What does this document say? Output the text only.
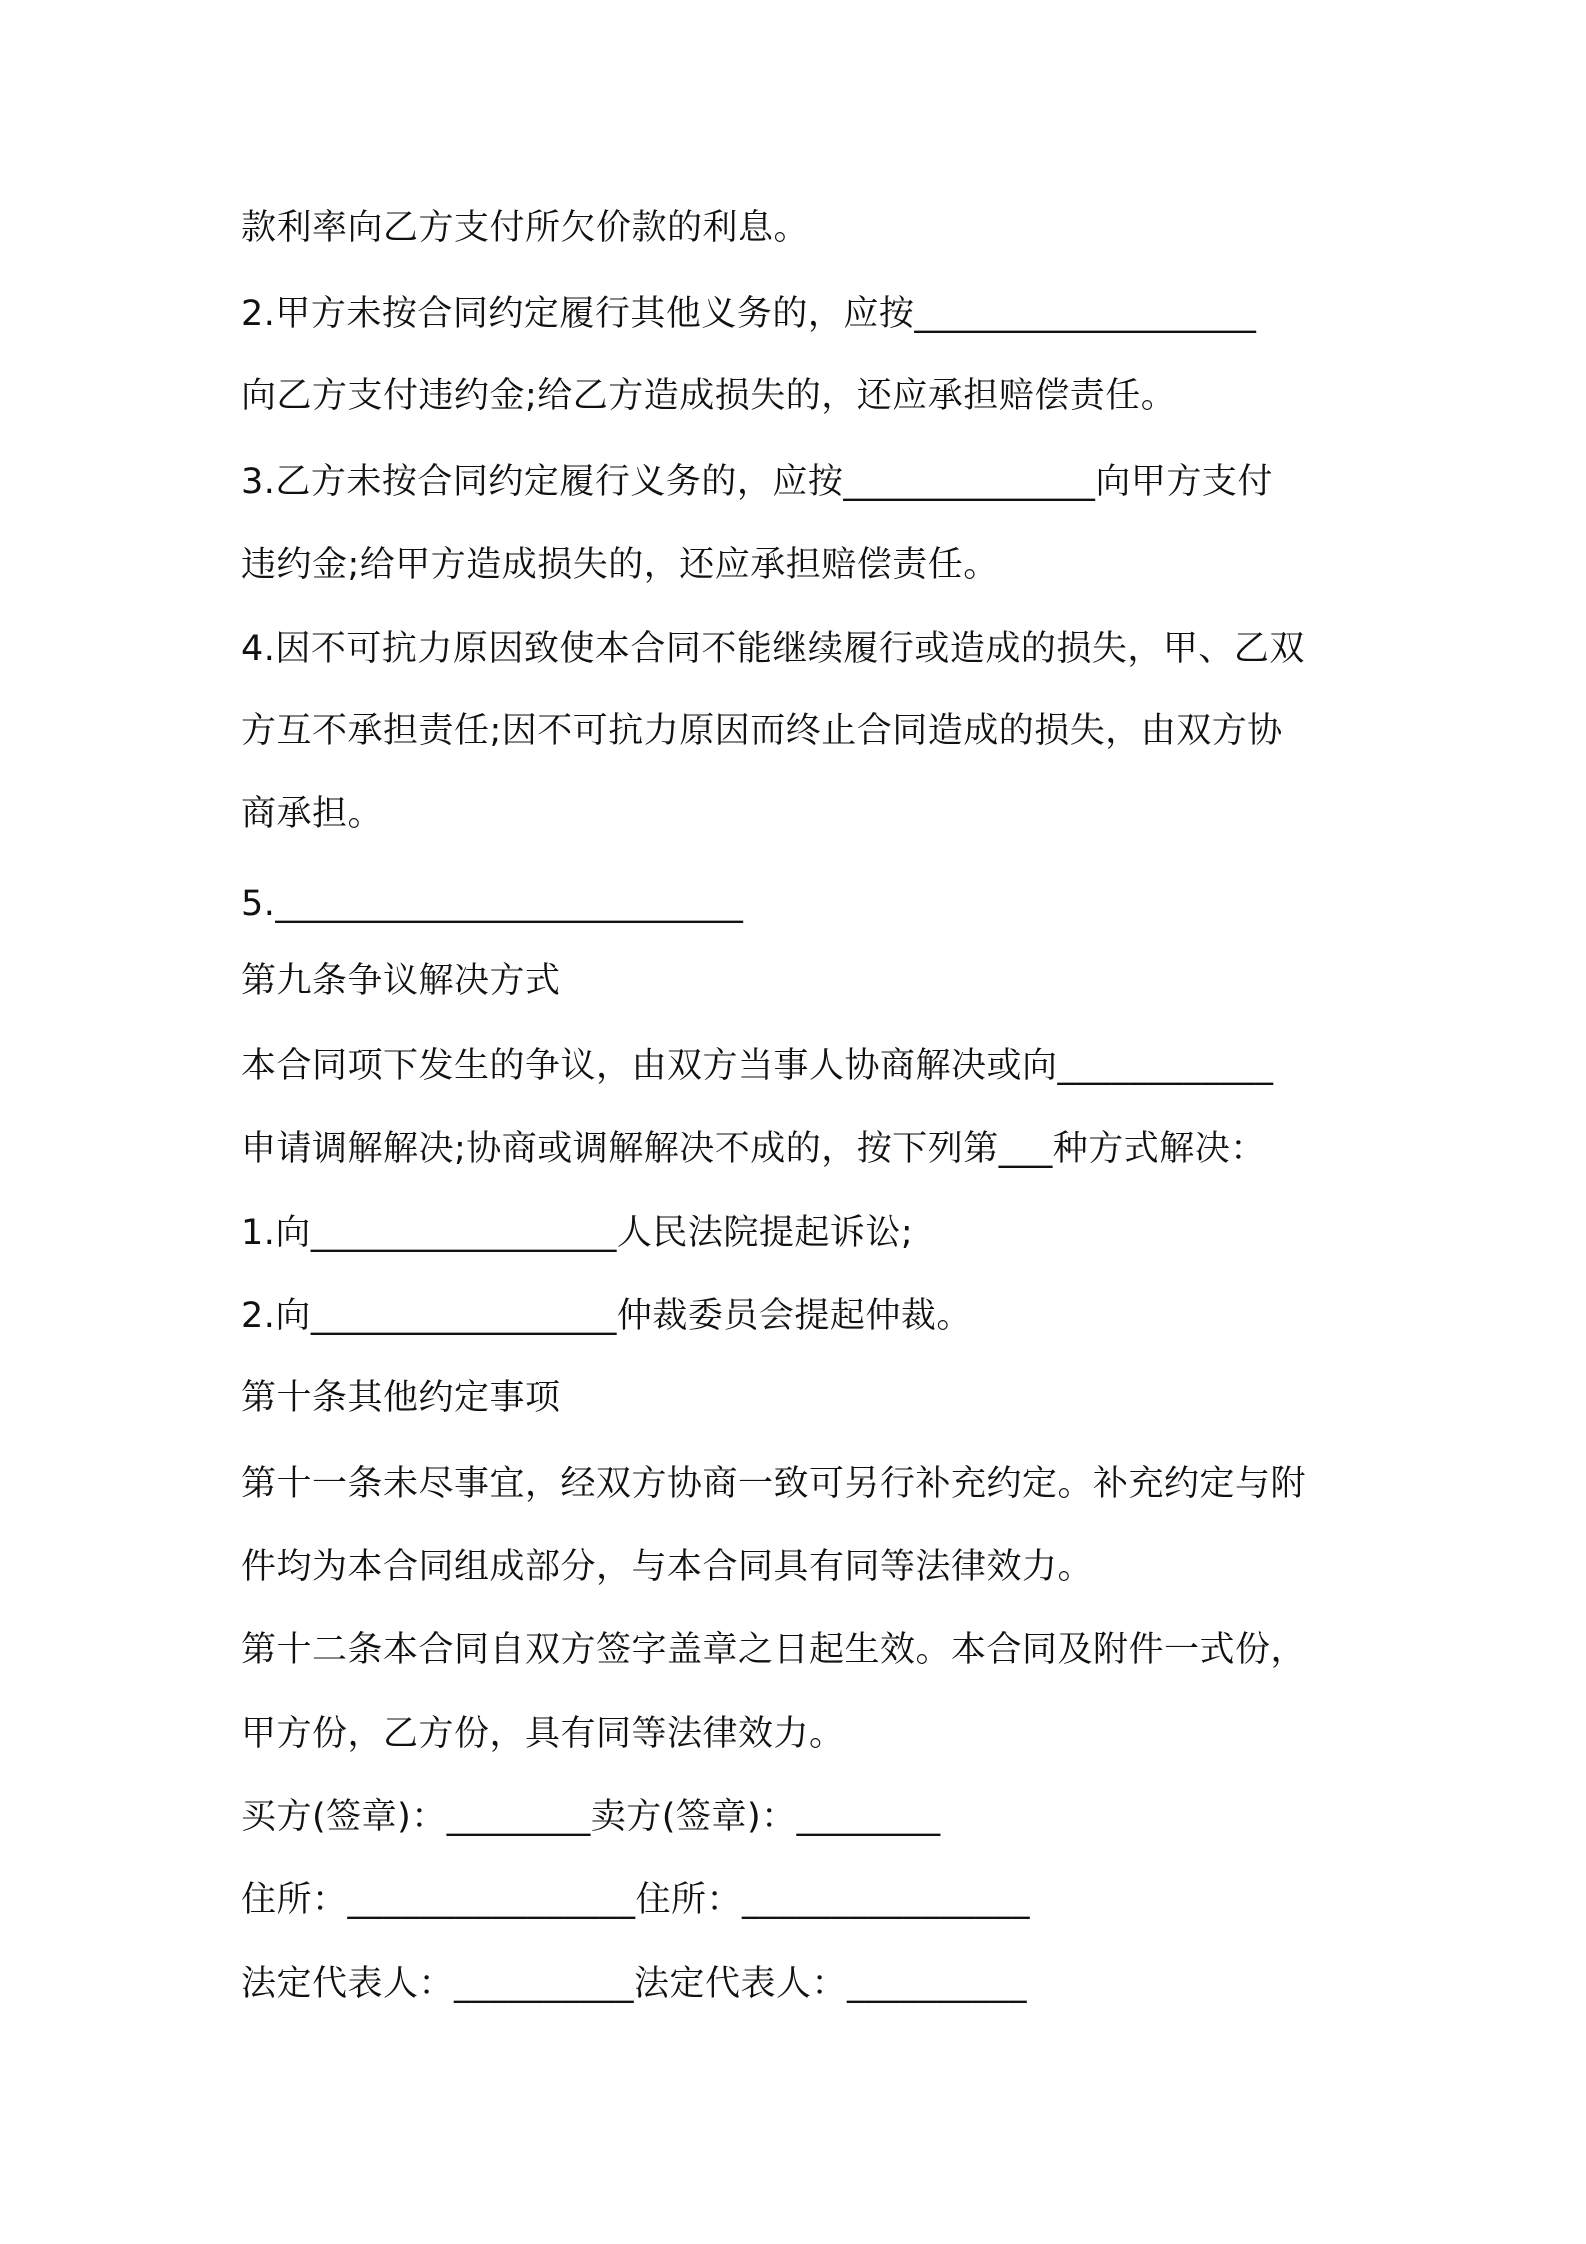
款利率向乙方支付所欠价款的利息。
2.甲方未按合同约定履行其他义务的，应按___________________
向乙方支付违约金;给乙方造成损失的，还应承担赔偿责任。
3.乙方未按合同约定履行义务的，应按______________向甲方支付
违约金;给甲方造成损失的，还应承担赔偿责任。
4.因不可抗力原因致使本合同不能继续履行或造成的损失，甲、乙双
方互不承担责任;因不可抗力原因而终止合同造成的损失，由双方协
商承担。
5.__________________________
第九条争议解决方式
本合同项下发生的争议，由双方当事人协商解决或向____________
申请调解解决;协商或调解解决不成的，按下列第___种方式解决：
1.向_________________人民法院提起诉讼;
2.向_________________仲裁委员会提起仲裁。
第十条其他约定事项
第十一条未尽事宜，经双方协商一致可另行补充约定。补充约定与附
件均为本合同组成部分，与本合同具有同等法律效力。
第十二条本合同自双方签字盖章之日起生效。本合同及附件一式份，
甲方份，乙方份，具有同等法律效力。
买方(签章)：________卖方(签章)：________
住所：________________住所：________________
法定代表人：__________法定代表人：__________
